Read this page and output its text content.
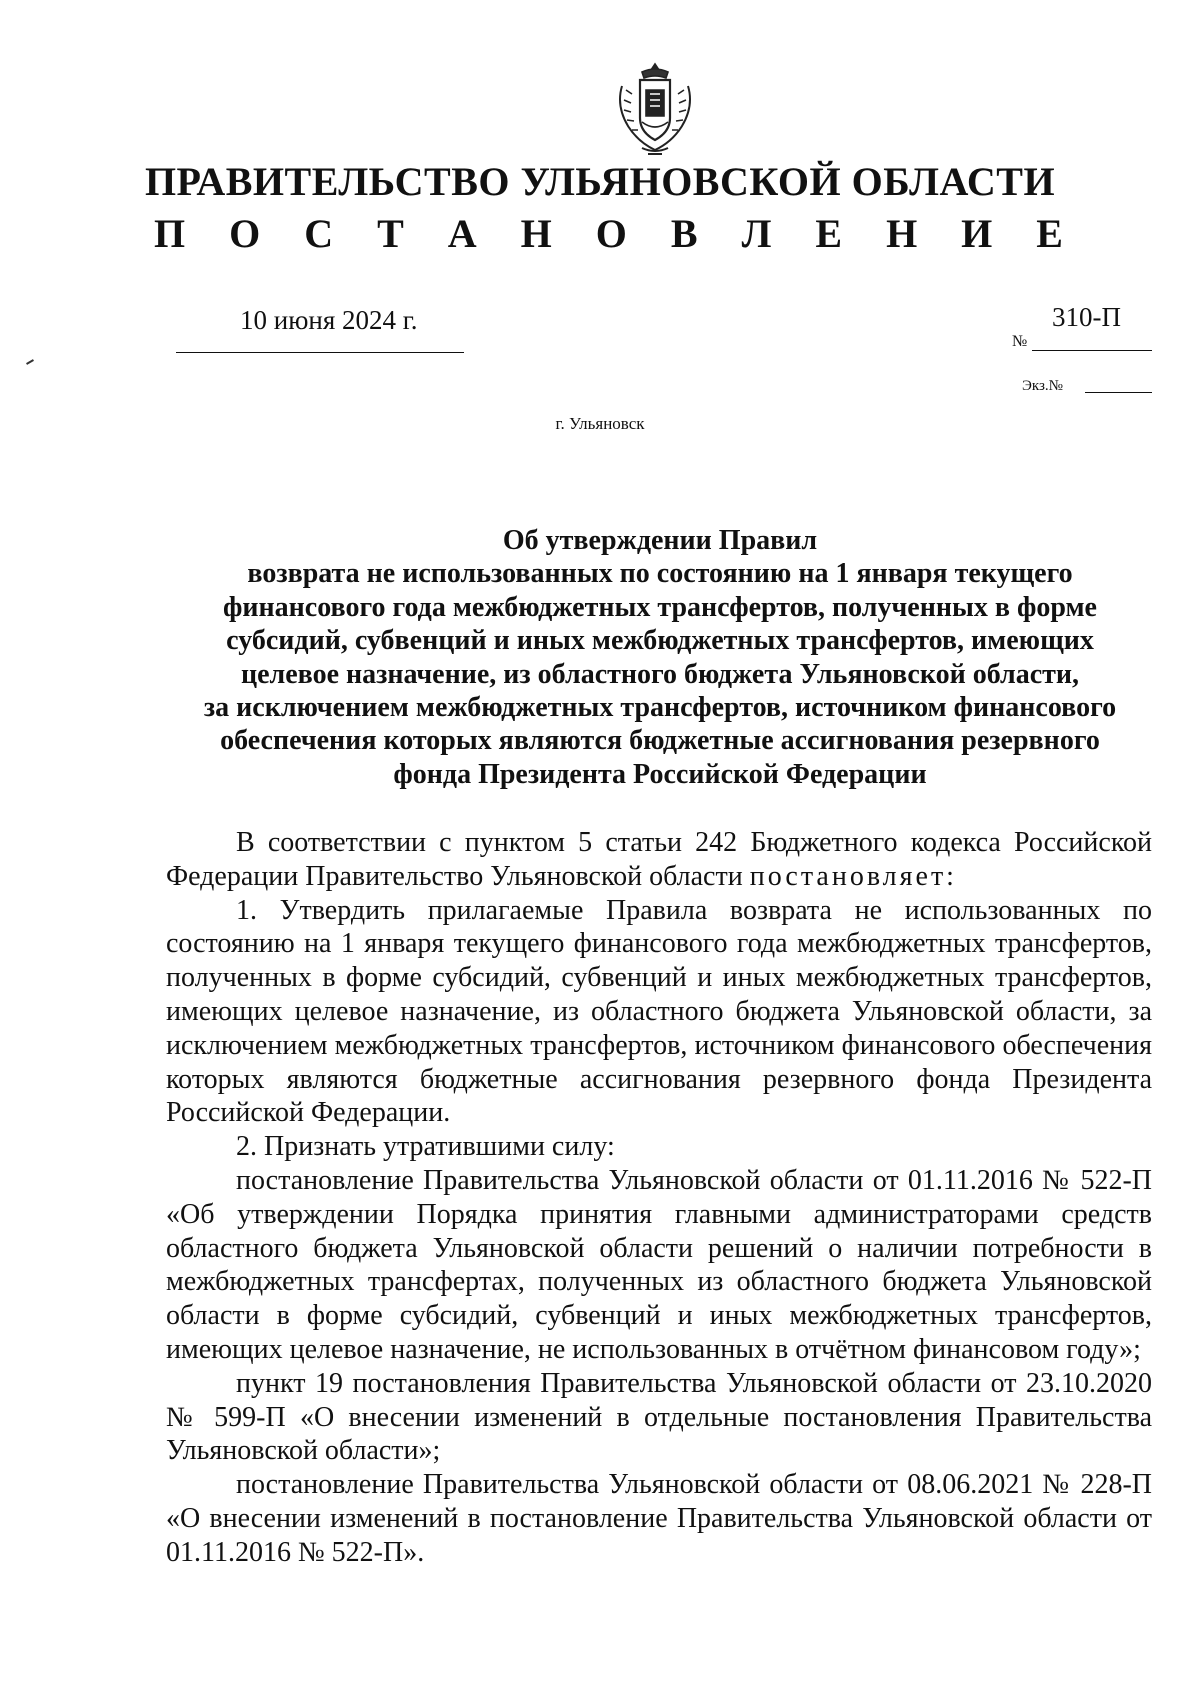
ПРАВИТЕЛЬСТВО УЛЬЯНОВСКОЙ ОБЛАСТИ
П О С Т А Н О В Л Е Н И Е
10 июня 2024 г.	310-П
№
Экз.№
г. Ульяновск
Об утверждении Правил
возврата не использованных по состоянию на 1 января текущего
финансового года межбюджетных трансфертов, полученных в форме
субсидий, субвенций и иных межбюджетных трансфертов, имеющих
целевое назначение, из областного бюджета Ульяновской области,
за исключением межбюджетных трансфертов, источником финансового
обеспечения которых являются бюджетные ассигнования резервного
фонда Президента Российской Федерации

В соответствии с пунктом 5 статьи 242 Бюджетного кодекса Российской Федерации Правительство Ульяновской области постановляет:

1. Утвердить прилагаемые Правила возврата не использованных по состоянию на 1 января текущего финансового года межбюджетных трансфертов, полученных в форме субсидий, субвенций и иных межбюджетных трансфертов, имеющих целевое назначение, из областного бюджета Ульяновской области, за исключением межбюджетных трансфертов, источником финансового обеспечения которых являются бюджетные ассигнования резервного фонда Президента Российской Федерации.

2. Признать утратившими силу:

постановление Правительства Ульяновской области от 01.11.2016 № 522-П «Об утверждении Порядка принятия главными администраторами средств областного бюджета Ульяновской области решений о наличии потребности в межбюджетных трансфертах, полученных из областного бюджета Ульяновской области в форме субсидий, субвенций и иных межбюджетных трансфертов, имеющих целевое назначение, не использованных в отчётном финансовом году»;

пункт 19 постановления Правительства Ульяновской области от 23.10.2020 № 599-П «О внесении изменений в отдельные постановления Правительства Ульяновской области»;

постановление Правительства Ульяновской области от 08.06.2021 № 228-П «О внесении изменений в постановление Правительства Ульяновской области от 01.11.2016 № 522-П».
